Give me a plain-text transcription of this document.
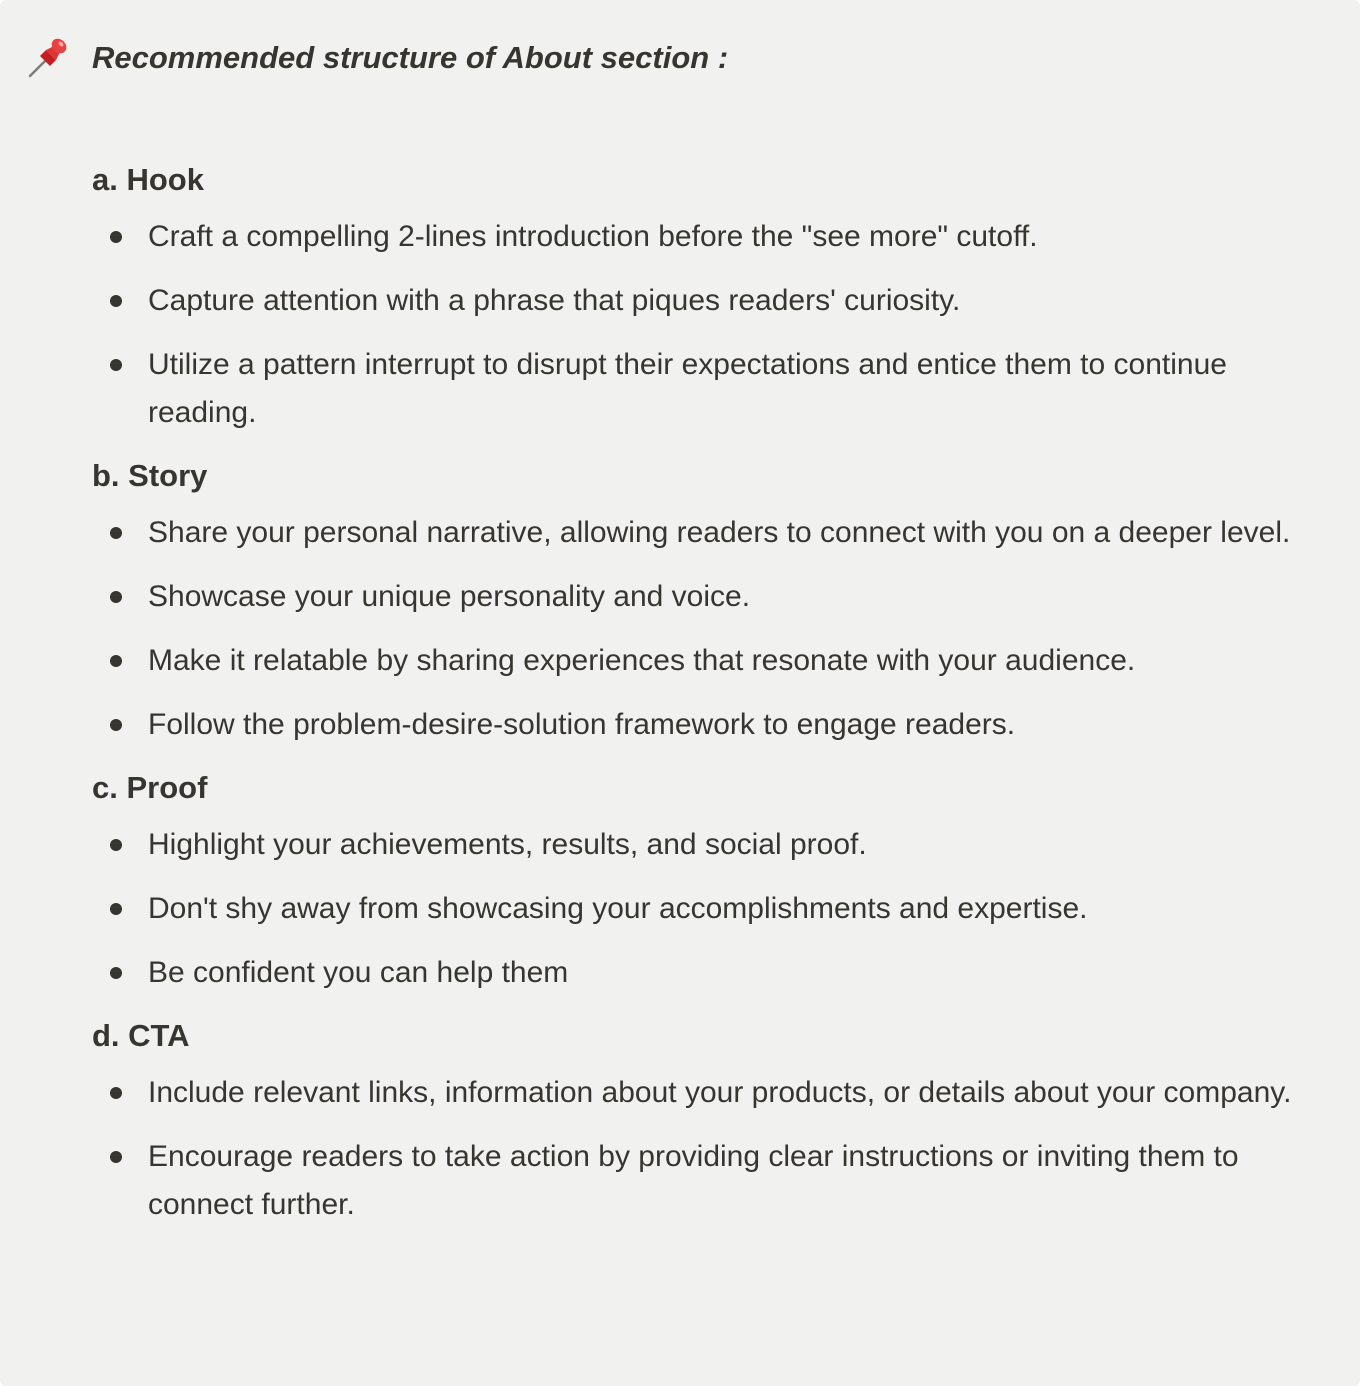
Recommended structure of About section :
a. Hook
Craft a compelling 2-lines introduction before the "see more" cutoff.
Capture attention with a phrase that piques readers' curiosity.
Utilize a pattern interrupt to disrupt their expectations and entice them to continue reading.
b. Story
Share your personal narrative, allowing readers to connect with you on a deeper level.
Showcase your unique personality and voice.
Make it relatable by sharing experiences that resonate with your audience.
Follow the problem-desire-solution framework to engage readers.
c. Proof
Highlight your achievements, results, and social proof.
Don't shy away from showcasing your accomplishments and expertise.
Be confident you can help them
d. CTA
Include relevant links, information about your products, or details about your company.
Encourage readers to take action by providing clear instructions or inviting them to connect further.
